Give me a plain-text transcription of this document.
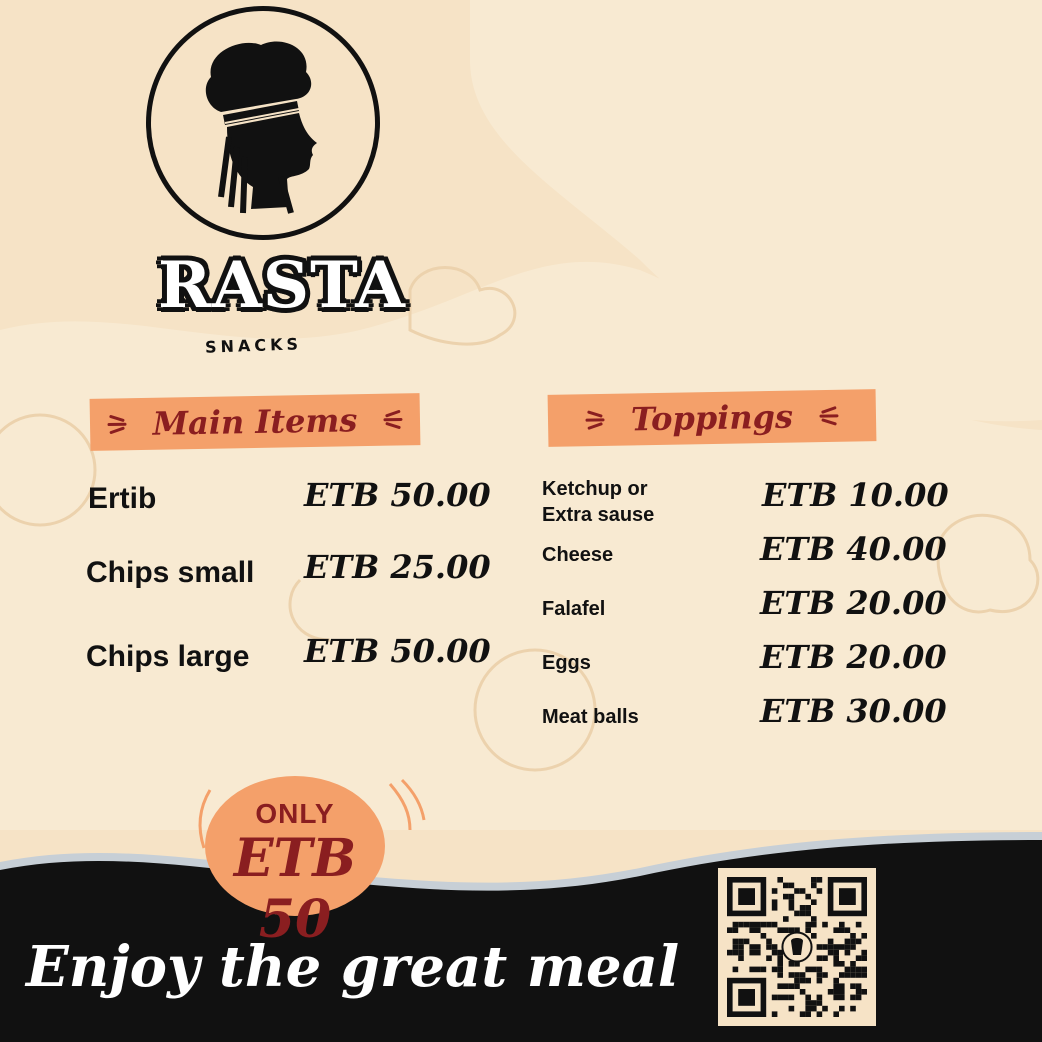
RASTA
SNACKS
Main Items	Toppings
Ertib	ETB 50.00
Chips small ETB 25.00
Chips large ETB 50.00
Ketchup or
Extra sause
ETB 10.00
Cheese	ETB 40.00
Falafel	ETB 20.00
Eggs	ETB 20.00
Meat balls	ETB 30.00
ONLY
ETB 50
Enjoy the great meal
